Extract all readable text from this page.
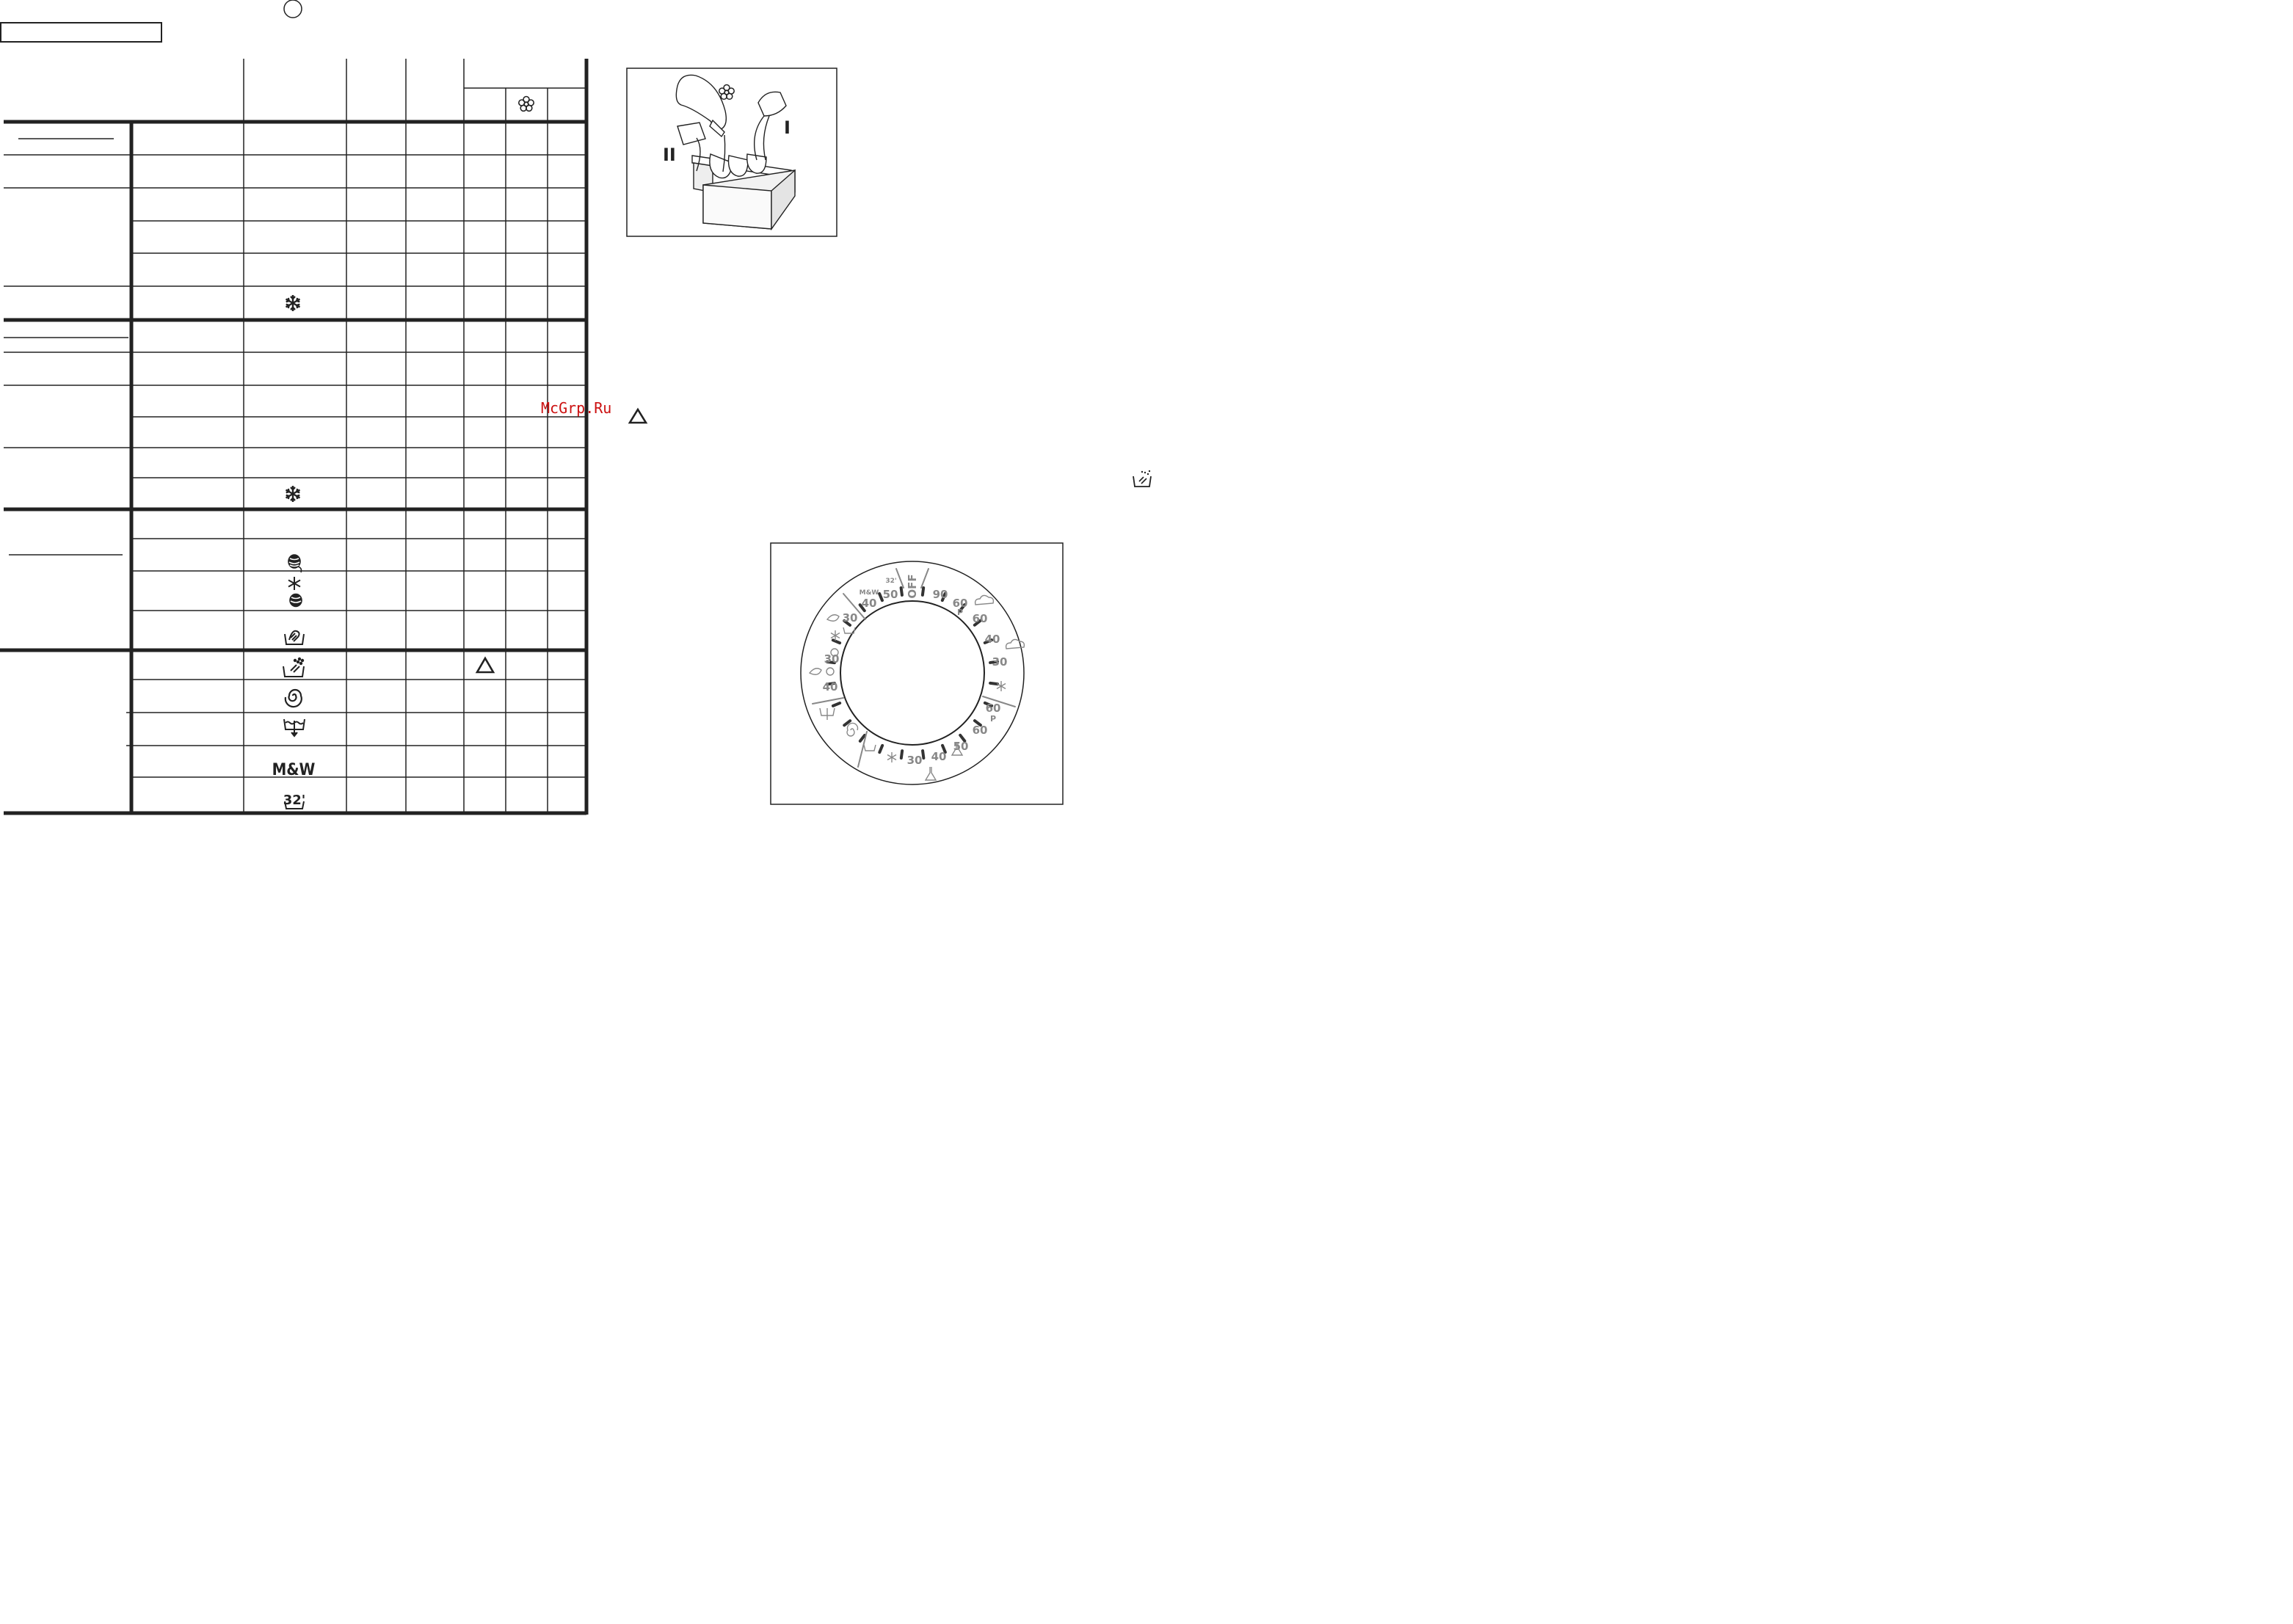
M&W
32'
McGrp.Ru
I
II
OFF 90
60
P 60
40
30
60
P
60
50
40
30
40
30
30
40
M&W 50
32'
